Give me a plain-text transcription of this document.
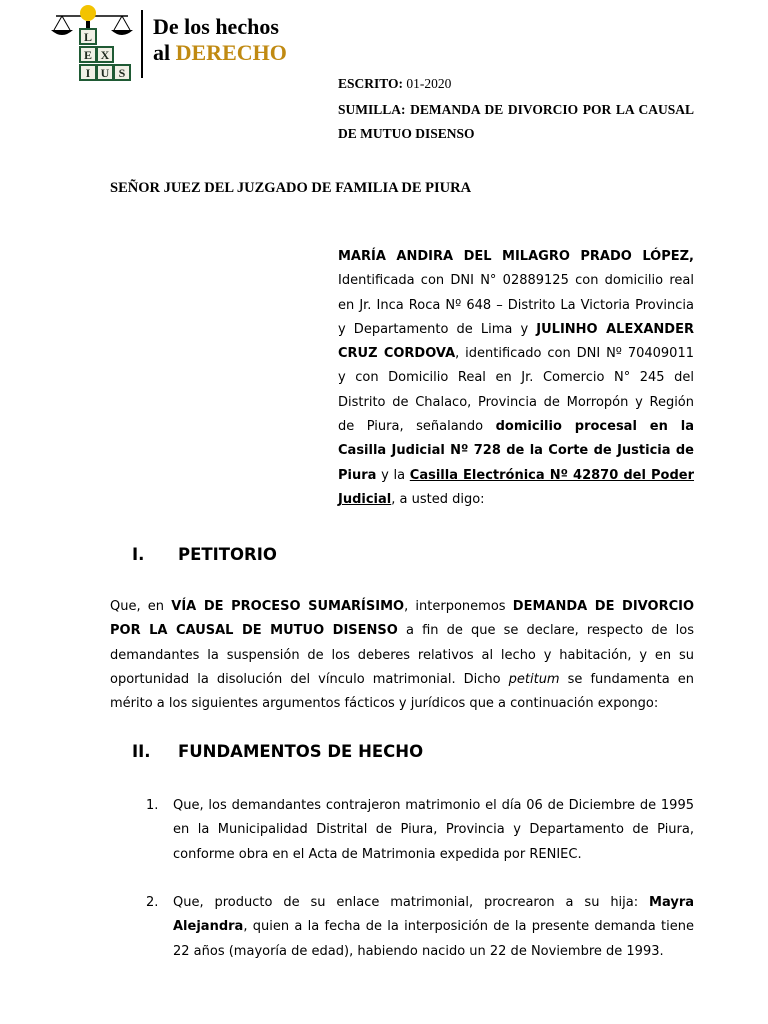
L
E X
I U S
De los hechos
al DERECHO
ESCRITO: 01-2020
SUMILLA: DEMANDA DE DIVORCIO POR LA CAUSAL DE MUTUO DISENSO
SEÑOR JUEZ DEL JUZGADO DE FAMILIA DE PIURA
MARÍA ANDIRA DEL MILAGRO PRADO LÓPEZ, Identificada con DNI N° 02889125 con domicilio real en Jr. Inca Roca Nº 648 – Distrito La Victoria Provincia y Departamento de Lima y JULINHO ALEXANDER CRUZ CORDOVA, identificado con DNI Nº 70409011 y con Domicilio Real en Jr. Comercio N° 245 del Distrito de Chalaco, Provincia de Morropón y Región de Piura, señalando domicilio procesal en la Casilla Judicial Nº 728 de la Corte de Justicia de Piura y la Casilla Electrónica Nº 42870 del Poder Judicial, a usted digo:
I. PETITORIO
Que, en VÍA DE PROCESO SUMARÍSIMO, interponemos DEMANDA DE DIVORCIO POR LA CAUSAL DE MUTUO DISENSO a fin de que se declare, respecto de los demandantes la suspensión de los deberes relativos al lecho y habitación, y en su oportunidad la disolución del vínculo matrimonial. Dicho petitum se fundamenta en mérito a los siguientes argumentos fácticos y jurídicos que a continuación expongo:
II. FUNDAMENTOS DE HECHO
1. Que, los demandantes contrajeron matrimonio el día 06 de Diciembre de 1995 en la Municipalidad Distrital de Piura, Provincia y Departamento de Piura, conforme obra en el Acta de Matrimonia expedida por RENIEC.
2. Que, producto de su enlace matrimonial, procrearon a su hija: Mayra Alejandra, quien a la fecha de la interposición de la presente demanda tiene 22 años (mayoría de edad), habiendo nacido un 22 de Noviembre de 1993.
